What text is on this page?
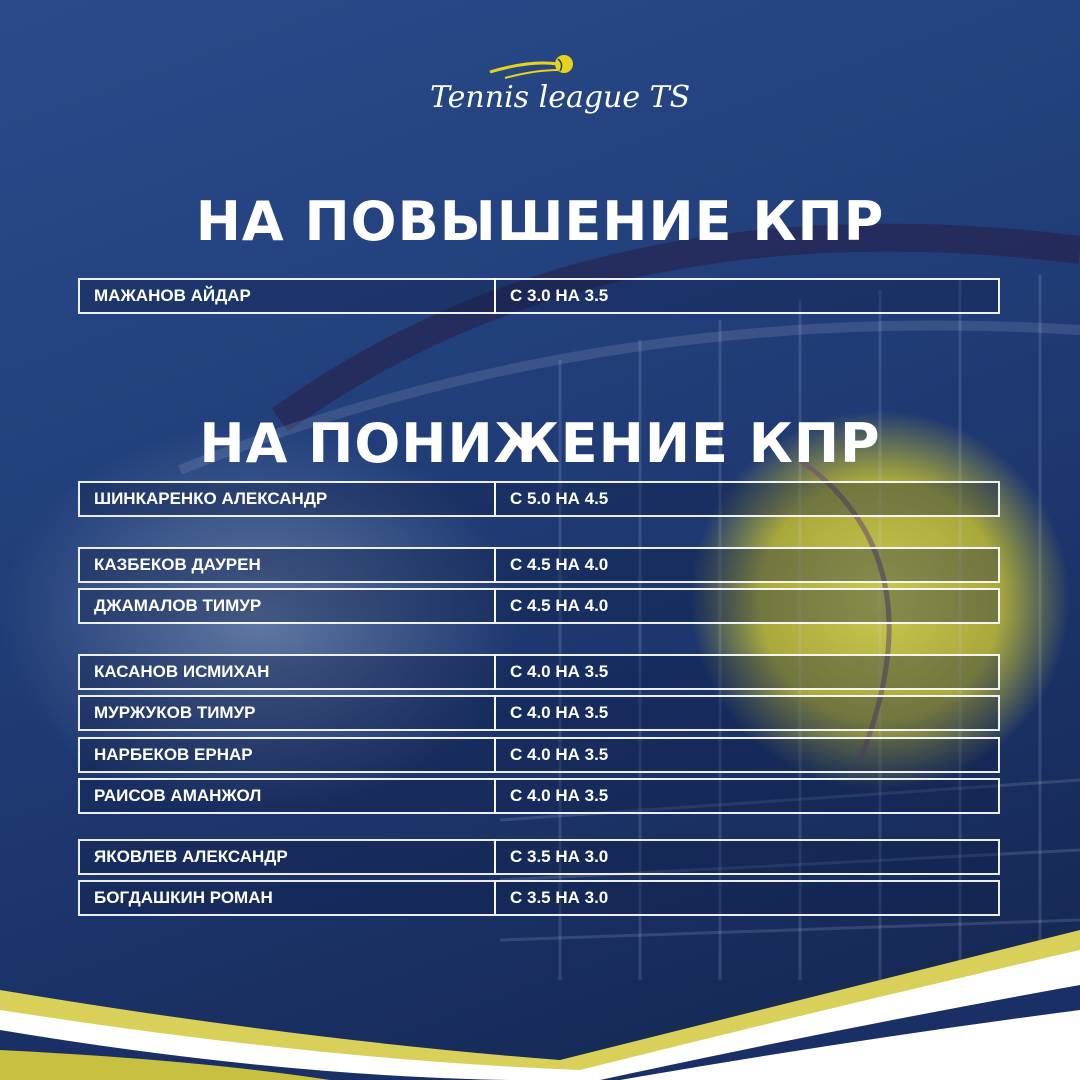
Tennis league TS
НА ПОВЫШЕНИЕ КПР
МАЖАНОВ АЙДАР	С 3.0 НА 3.5
НА ПОНИЖЕНИЕ КПР
ШИНКАРЕНКО АЛЕКСАНДР	С 5.0 НА 4.5
КАЗБЕКОВ ДАУРЕН	С 4.5 НА 4.0
ДЖАМАЛОВ ТИМУР	С 4.5 НА 4.0
КАСАНОВ ИСМИХАН	С 4.0 НА 3.5
МУРЖУКОВ ТИМУР	С 4.0 НА 3.5
НАРБЕКОВ ЕРНАР	С 4.0 НА 3.5
РАИСОВ АМАНЖОЛ	С 4.0 НА 3.5
ЯКОВЛЕВ АЛЕКСАНДР	С 3.5 НА 3.0
БОГДАШКИН РОМАН	С 3.5 НА 3.0
